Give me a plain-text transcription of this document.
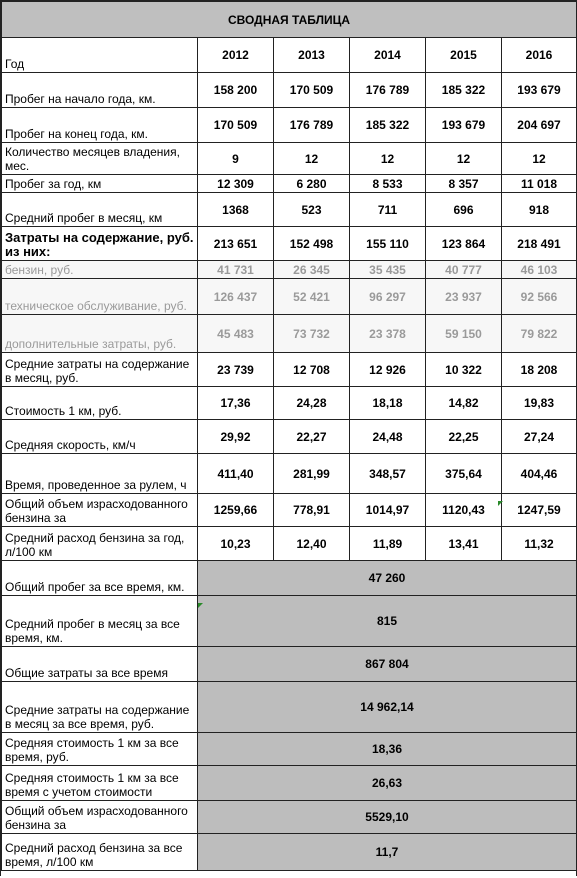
СВОДНАЯ ТАБЛИЦА					
Год	2012	2013	2014	2015	2016
Пробег на начало года, км.	158 200	170 509	176 789	185 322	193 679
Пробег на конец года, км.	170 509	176 789	185 322	193 679	204 697
Количество месяцев владения, мес.	9	12	12	12	12
Пробег за год, км	12 309	6 280	8 533	8 357	11 018
Средний пробег в месяц, км	1368	523	711	696	918
Затраты на содержание, руб. из них:	213 651	152 498	155 110	123 864	218 491
бензин, руб.	41 731	26 345	35 435	40 777	46 103
техническое обслуживание, руб.	126 437	52 421	96 297	23 937	92 566
дополнительные затраты, руб.	45 483	73 732	23 378	59 150	79 822
Средние затраты на содержание в месяц, руб.	23 739	12 708	12 926	10 322	18 208
Стоимость 1 км, руб.	17,36	24,28	18,18	14,82	19,83
Средняя скорость, км/ч	29,92	22,27	24,48	22,25	27,24
Время, проведенное за рулем, ч	411,40	281,99	348,57	375,64	404,46
Общий объем израсходованного бензина за	1259,66	778,91	1014,97	1120,43	1247,59
Средний расход бензина за год, л/100 км	10,23	12,40	11,89	13,41	11,32
Общий пробег за все время, км.	47 260				
Средний пробег в месяц за все время, км.	815				
Общие затраты за все время	867 804				
Средние затраты на содержание в месяц за все время, руб.	14 962,14				
Средняя стоимость 1 км за все время, руб.	18,36				
Средняя стоимость 1 км за все время с учетом стоимости	26,63				
Общий объем израсходованного бензина за	5529,10				
Средний расход бензина за все время, л/100 км	11,7				
